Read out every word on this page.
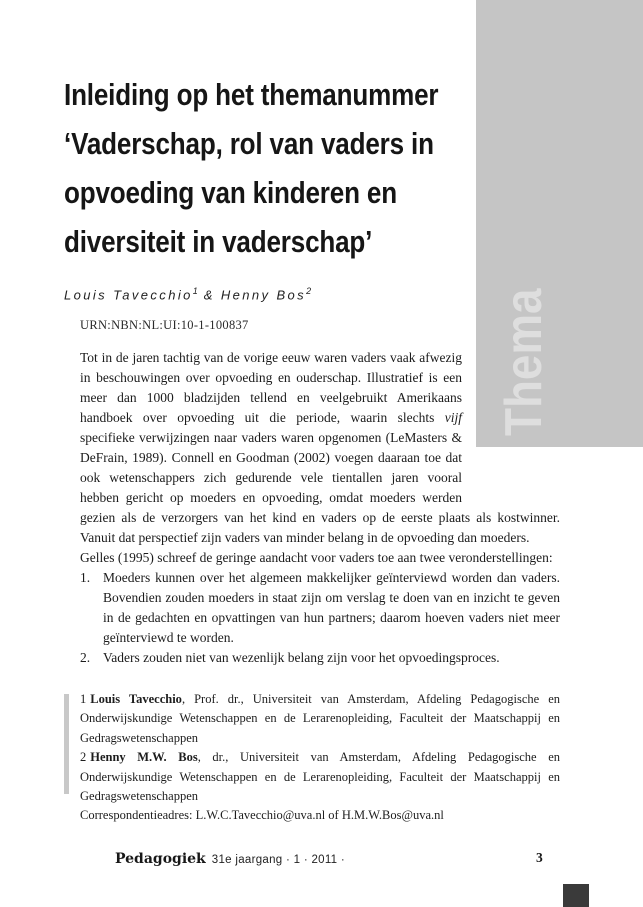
Thema
Inleiding op het themanummer
‘Vaderschap, rol van vaders in
opvoeding van kinderen en
diversiteit in vaderschap’
Louis Tavecchio$^1$ & Henny Bos$^2$
URN:NBN:NL:UI:10-1-100837

Tot in de jaren tachtig van de vorige eeuw waren vaders vaak afwezig in beschouwingen over opvoeding en ouderschap. Illustratief is een meer dan 1000 bladzijden tellend en veelgebruikt Amerikaans handboek over opvoeding uit die periode, waarin slechts vijf specifieke verwijzingen naar vaders waren opgenomen (LeMasters & DeFrain, 1989). Connell en Goodman (2002) voegen daaraan toe dat ook wetenschappers zich gedurende vele tientallen jaren vooral hebben gericht op moeders en opvoeding, omdat moeders werden gezien als de verzorgers van het kind en vaders op de eerste plaats als kostwinner. Vanuit dat perspectief zijn vaders van minder belang in de opvoeding dan moeders.

Gelles (1995) schreef de geringe aandacht voor vaders toe aan twee veronderstellingen:

1. Moeders kunnen over het algemeen makkelijker geïnterviewd worden dan vaders. Bovendien zouden moeders in staat zijn om verslag te doen van en inzicht te geven in de gedachten en opvattingen van hun partners; daarom hoeven vaders niet meer geïnterviewd te worden.
2. Vaders zouden niet van wezenlijk belang zijn voor het opvoedingsproces.

1 Louis Tavecchio, Prof. dr., Universiteit van Amsterdam, Afdeling Pedagogische en Onderwijskundige Wetenschappen en de Lerarenopleiding, Faculteit der Maatschappij en Gedragswetenschappen

2 Henny M.W. Bos, dr., Universiteit van Amsterdam, Afdeling Pedagogische en Onderwijskundige Wetenschappen en de Lerarenopleiding, Faculteit der Maatschappij en Gedragswetenschappen

Correspondentieadres: L.W.C.Tavecchio@uva.nl of H.M.W.Bos@uva.nl

Pedagogiek 31e jaargang · 1 · 2011 ·	3
